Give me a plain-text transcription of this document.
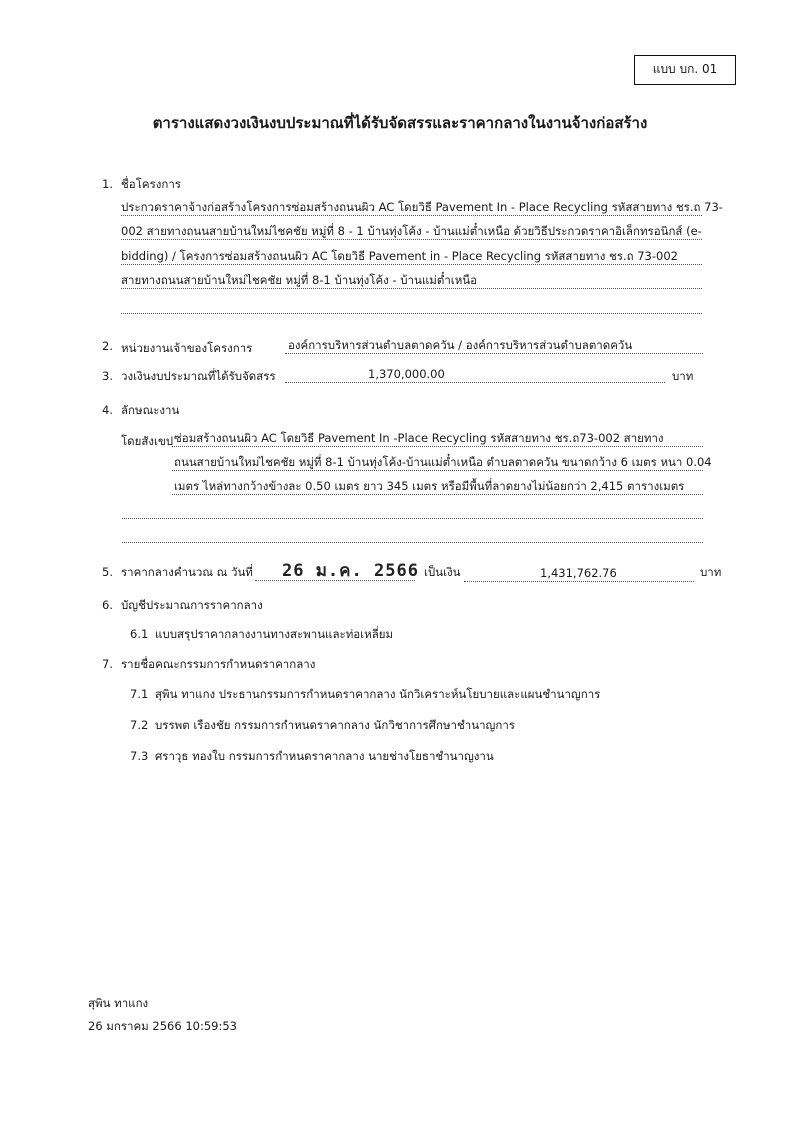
แบบ บก. 01
ตารางแสดงวงเงินงบประมาณที่ได้รับจัดสรรและราคากลางในงานจ้างก่อสร้าง
1. ชื่อโครงการ
ประกวดราคาจ้างก่อสร้างโครงการซ่อมสร้างถนนผิว AC โดยวิธี Pavement In - Place Recycling รหัสสายทาง ชร.ถ 73-
002 สายทางถนนสายบ้านใหม่ไชคชัย หมู่ที่ 8 - 1 บ้านทุ่งโค้ง - บ้านแม่ต๋ำเหนือ ด้วยวิธีประกวดราคาอิเล็กทรอนิกส์ (e-
bidding) / โครงการซ่อมสร้างถนนผิว AC โดยวิธี Pavement in - Place Recycling รหัสสายทาง ชร.ถ 73-002
สายทางถนนสายบ้านใหม่ไชคชัย หมู่ที่ 8-1 บ้านทุ่งโค้ง - บ้านแม่ต๋ำเหนือ
2. หน่วยงานเจ้าของโครงการ	องค์การบริหารส่วนตำบลตาดควัน / องค์การบริหารส่วนตำบลตาดควัน
3. วงเงินงบประมาณที่ได้รับจัดสรร	1,370,000.00	บาท
4. ลักษณะงาน
โดยสังเขป ซ่อมสร้างถนนผิว AC โดยวิธี Pavement In -Place Recycling รหัสสายทาง ชร.ถ73-002 สายทาง
ถนนสายบ้านใหม่ไชคชัย หมู่ที่ 8-1 บ้านทุ่งโค้ง-บ้านแม่ต๋ำเหนือ ตำบลตาดควัน ขนาดกว้าง 6 เมตร หนา 0.04
เมตร ไหล่ทางกว้างข้างละ 0.50 เมตร ยาว 345 เมตร หรือมีพื้นที่ลาดยางไม่น้อยกว่า 2,415 ตารางเมตร
5. ราคากลางคำนวณ ณ วันที่ 26 ม.ค. 2566 เป็นเงิน	1,431,762.76	บาท
6. บัญชีประมาณการราคากลาง
6.1 แบบสรุปราคากลางงานทางสะพานและท่อเหลี่ยม
7. รายชื่อคณะกรรมการกำหนดราคากลาง
7.1 สุพิน ทาแกง ประธานกรรมการกำหนดราคากลาง นักวิเคราะห์นโยบายและแผนชำนาญการ
7.2 บรรพต เรืองชัย กรรมการกำหนดราคากลาง นักวิชาการศึกษาชำนาญการ
7.3 ศราวุธ ทองใบ กรรมการกำหนดราคากลาง นายช่างโยธาชำนาญงาน
สุพิน ทาแกง
26 มกราคม 2566 10:59:53
